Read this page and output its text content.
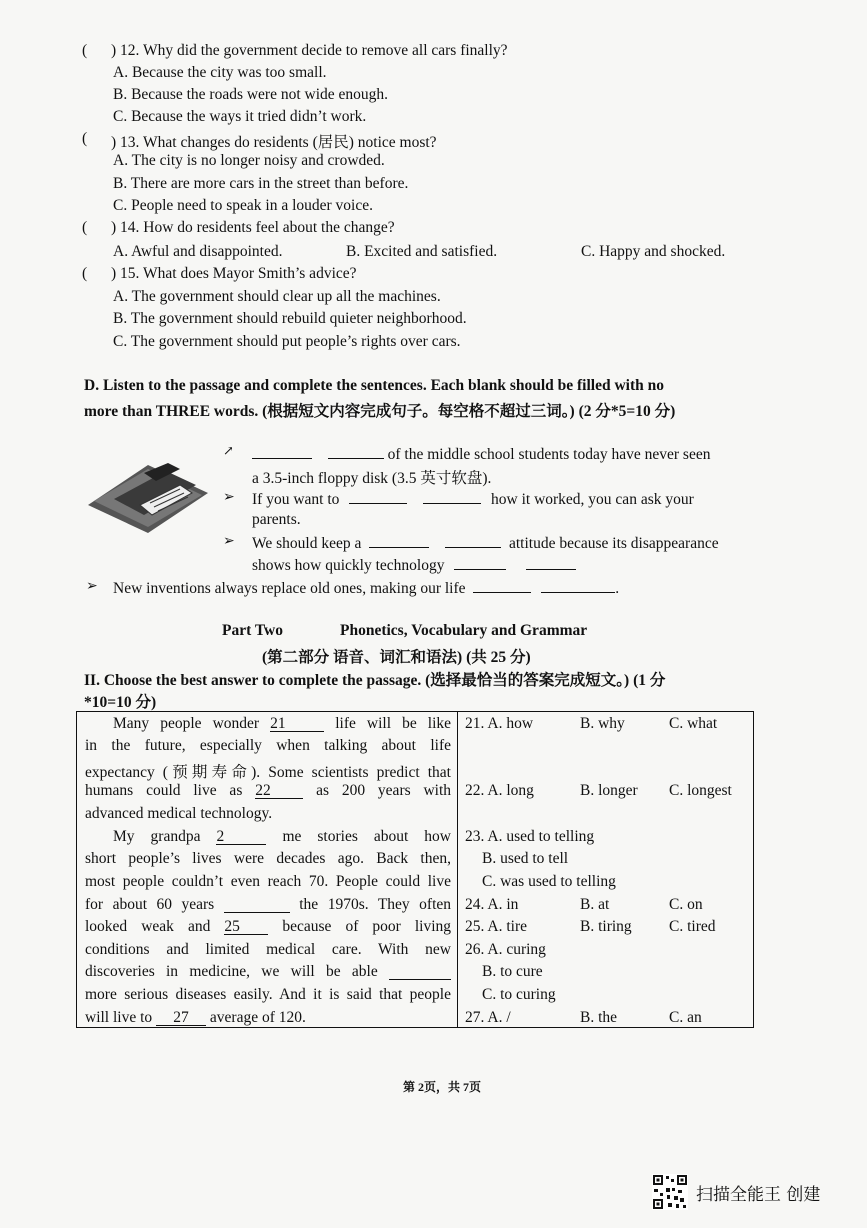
( ) 12. Why did the government decide to remove all cars finally?
A. Because the city was too small.
B. Because the roads were not wide enough.
C. Because the ways it tried didn’t work.
( ) 13. What changes do residents (居民) notice most?
A. The city is no longer noisy and crowded.
B. There are more cars in the street than before.
C. People need to speak in a louder voice.
( ) 14. How do residents feel about the change?
A. Awful and disappointed.	B. Excited and satisfied.	C. Happy and shocked.
( ) 15. What does Mayor Smith’s advice?
A. The government should clear up all the machines.
B. The government should rebuild quieter neighborhood.
C. The government should put people’s rights over cars.
D. Listen to the passage and complete the sentences. Each blank should be filled with no
more than THREE words. (根据短文内容完成句子。每空格不超过三词。) (2 分*5=10 分)
↗	of the middle school students today have never seen
a 3.5-inch floppy disk (3.5 英寸软盘).
➢ If you want to	how it worked, you can ask your
parents.
➢ We should keep a	attitude because its disappearance
shows how quickly technology
➢ New inventions always replace old ones, making our life	.
Part Two	Phonetics, Vocabulary and Grammar
(第二部分 语音、词汇和语法) (共 25 分)
II. Choose the best answer to complete the passage. (选择最恰当的答案完成短文。) (1 分
*10=10 分)
Many people wonder 21	life will be like
in the future, especially when talking about life
expectancy (预期寿命). Some scientists predict that
humans could live as 22	as 200 years with
advanced medical technology.
My grandpa 2	me stories about how
short people’s lives were decades ago. Back then,
most people couldn’t even reach 70. People could live
for about 60 years	the 1970s. They often
looked weak and 25	because of poor living
conditions and limited medical care. With new
discoveries in medicine, we will be able
more serious diseases easily. And it is said that people
will live to 27 average of 120.
21. A. how	B. why	C. what
22. A. long	B. longer C. longest
23. A. used to telling
B. used to tell
C. was used to telling
24. A. in	B. at	C. on
25. A. tire	B. tiring C. tired
26. A. curing
B. to cure
C. to curing
27. A. /	B. the	C. an
第 2页，共 7页
扫描全能王 创建
